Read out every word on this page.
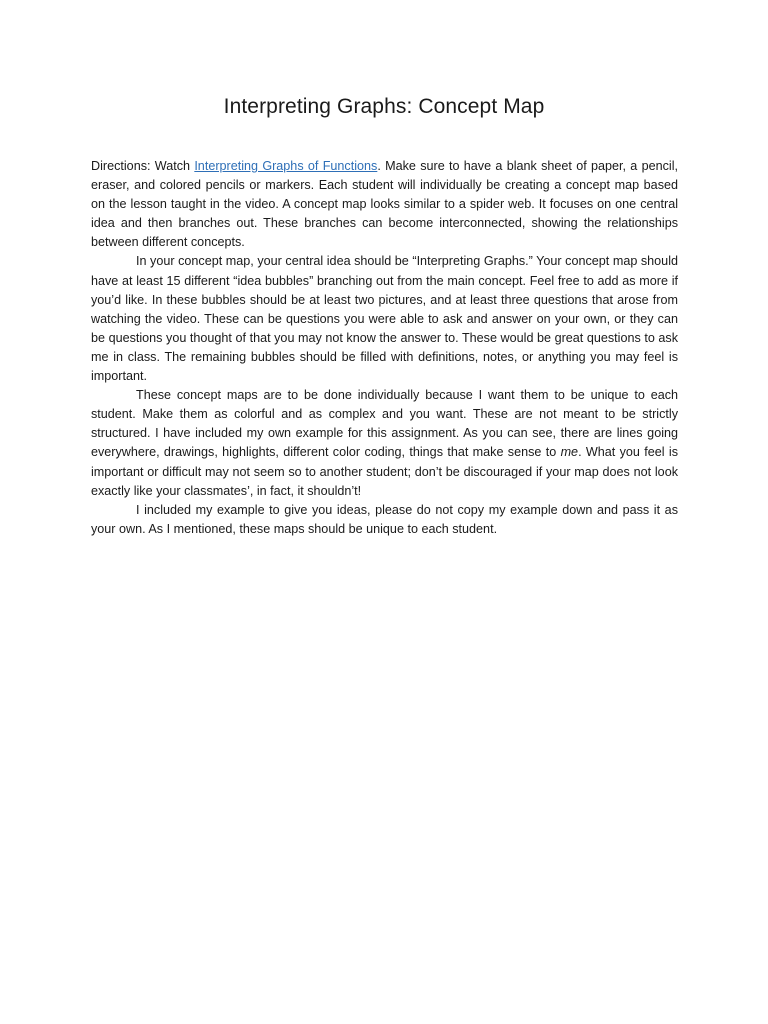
Interpreting Graphs: Concept Map

Directions: Watch Interpreting Graphs of Functions. Make sure to have a blank sheet of paper, a pencil, eraser, and colored pencils or markers. Each student will individually be creating a concept map based on the lesson taught in the video. A concept map looks similar to a spider web. It focuses on one central idea and then branches out. These branches can become interconnected, showing the relationships between different concepts.

In your concept map, your central idea should be “Interpreting Graphs.” Your concept map should have at least 15 different “idea bubbles” branching out from the main concept. Feel free to add as more if you’d like. In these bubbles should be at least two pictures, and at least three questions that arose from watching the video. These can be questions you were able to ask and answer on your own, or they can be questions you thought of that you may not know the answer to. These would be great questions to ask me in class. The remaining bubbles should be filled with definitions, notes, or anything you may feel is important.

These concept maps are to be done individually because I want them to be unique to each student. Make them as colorful and as complex and you want. These are not meant to be strictly structured. I have included my own example for this assignment. As you can see, there are lines going everywhere, drawings, highlights, different color coding, things that make sense to me. What you feel is important or difficult may not seem so to another student; don’t be discouraged if your map does not look exactly like your classmates’, in fact, it shouldn’t!

I included my example to give you ideas, please do not copy my example down and pass it as your own. As I mentioned, these maps should be unique to each student.
